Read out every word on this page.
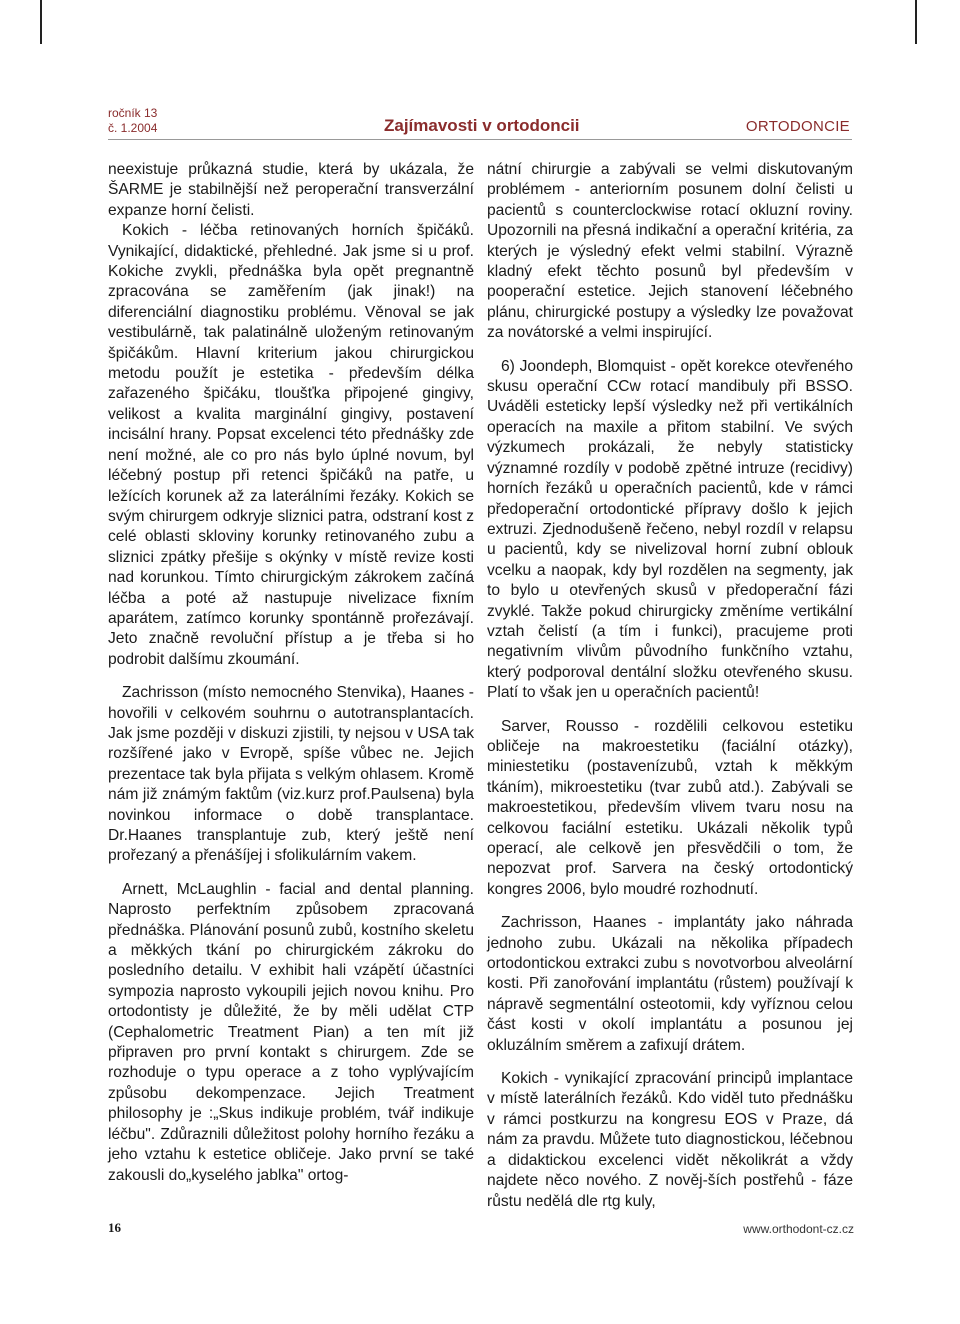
ročník 13
č. 1.2004	Zajímavosti v ortodoncii	ORTODONCIE

neexistuje průkazná studie, která by ukázala, že ŠARME je stabilnější než peroperační transverzální expanze horní čelisti.

Kokich - léčba retinovaných horních špičáků. Vynikající, didaktické, přehledné. Jak jsme si u prof. Kokiche zvykli, přednáška byla opět pregnantně zpracována se zaměřením (jak jinak!) na diferenciální diagnostiku problému. Věnoval se jak vestibulárně, tak palatinálně uloženým retinovaným špičákům. Hlavní kriterium jakou chirurgickou metodu použít je estetika - především délka zařazeného špičáku, tloušťka připojené gingivy, velikost a kvalita marginální gingivy, postavení incisální hrany. Popsat excelenci této přednášky zde není možné, ale co pro nás bylo úplné novum, byl léčebný postup při retenci špičáků na patře, u ležících korunek až za laterálními řezáky. Kokich se svým chirurgem odkryje sliznici patra, odstraní kost z celé oblasti skloviny korunky retinovaného zubu a sliznici zpátky přešije s okýnky v místě revize kosti nad korunkou. Tímto chirurgickým zákrokem začíná léčba a poté až nastupuje nivelizace fixním aparátem, zatímco korunky spontánně prořezávají. Jeto značně revoluční přístup a je třeba si ho podrobit dalšímu zkoumání.

Zachrisson (místo nemocného Stenvika), Haanes - hovořili v celkovém souhrnu o autotransplantacích. Jak jsme později v diskuzi zjistili, ty nejsou v USA tak rozšířené jako v Evropě, spíše vůbec ne. Jejich prezentace tak byla přijata s velkým ohlasem. Kromě nám již známým faktům (viz.kurz prof.Paulsena) byla novinkou informace o době transplantace. Dr.Haanes transplantuje zub, který ještě není prořezaný a přenášíjej i sfolikulárním vakem.

Arnett, McLaughlin - facial and dental planning. Naprosto perfektním způsobem zpracovaná přednáška. Plánování posunů zubů, kostního skeletu a měkkých tkání po chirurgickém zákroku do posledního detailu. V exhibit hali vzápětí účastníci sympozia naprosto vykoupili jejich novou knihu. Pro ortodontisty je důležité, že by měli udělat CTP (Cephalometric Treatment Pian) a ten mít již připraven pro první kontakt s chirurgem. Zde se rozhoduje o typu operace a z toho vyplývajícím způsobu dekompenzace. Jejich Treatment philosophy je :„Skus indikuje problém, tvář indikuje léčbu". Zdůraznili důležitost polohy horního řezáku a jeho vztahu k estetice obličeje. Jako první se také zakousli do„kyselého jablka" ortog-

nátní chirurgie a zabývali se velmi diskutovaným problémem - anteriorním posunem dolní čelisti u pacientů s counterclockwise rotací okluzní roviny. Upozornili na přesná indikační a operační kritéria, za kterých je výsledný efekt velmi stabilní. Výrazně kladný efekt těchto posunů byl především v pooperační estetice. Jejich stanovení léčebného plánu, chirurgické postupy a výsledky lze považovat za novátorské a velmi inspirující.

6) Joondeph, Blomquist - opět korekce otevřeného skusu operační CCw rotací mandibuly při BSSO. Uváděli esteticky lepší výsledky než při vertikálních operacích na maxile a přitom stabilní. Ve svých výzkumech prokázali, že nebyly statisticky významné rozdíly v podobě zpětné intruze (recidivy) horních řezáků u operačních pacientů, kde v rámci předoperační ortodontické přípravy došlo k jejich extruzi. Zjednodušeně řečeno, nebyl rozdíl v relapsu u pacientů, kdy se nivelizoval horní zubní oblouk vcelku a naopak, kdy byl rozdělen na segmenty, jak to bylo u otevřených skusů v předoperační fázi zvyklé. Takže pokud chirurgicky změníme vertikální vztah čelistí (a tím i funkci), pracujeme proti negativním vlivům původního funkčního vztahu, který podporoval dentální složku otevřeného skusu. Platí to však jen u operačních pacientů!

Sarver, Rousso - rozdělili celkovou estetiku obličeje na makroestetiku (faciální otázky), miniestetiku (postavenízubů, vztah k měkkým tkáním), mikroestetiku (tvar zubů atd.). Zabývali se makroestetikou, především vlivem tvaru nosu na celkovou faciální estetiku. Ukázali několik typů operací, ale celkově jen přesvědčili o tom, že nepozvat prof. Sarvera na český ortodontický kongres 2006, bylo moudré rozhodnutí.

Zachrisson, Haanes - implantáty jako náhrada jednoho zubu. Ukázali na několika případech ortodontickou extrakci zubu s novotvorbou alveolární kosti. Při zanořování implantátu (růstem) používají k nápravě segmentální osteotomii, kdy vyříznou celou část kosti v okolí implantátu a posunou jej okluzálním směrem a zafixují drátem.

Kokich - vynikající zpracování principů implantace v místě laterálních řezáků. Kdo viděl tuto přednášku v rámci postkurzu na kongresu EOS v Praze, dá nám za pravdu. Můžete tuto diagnostickou, léčebnou a didaktickou excelenci vidět několikrát a vždy najdete něco nového. Z nověj-ších postřehů - fáze růstu nedělá dle rtg kuly,

16	www.orthodont-cz.cz
